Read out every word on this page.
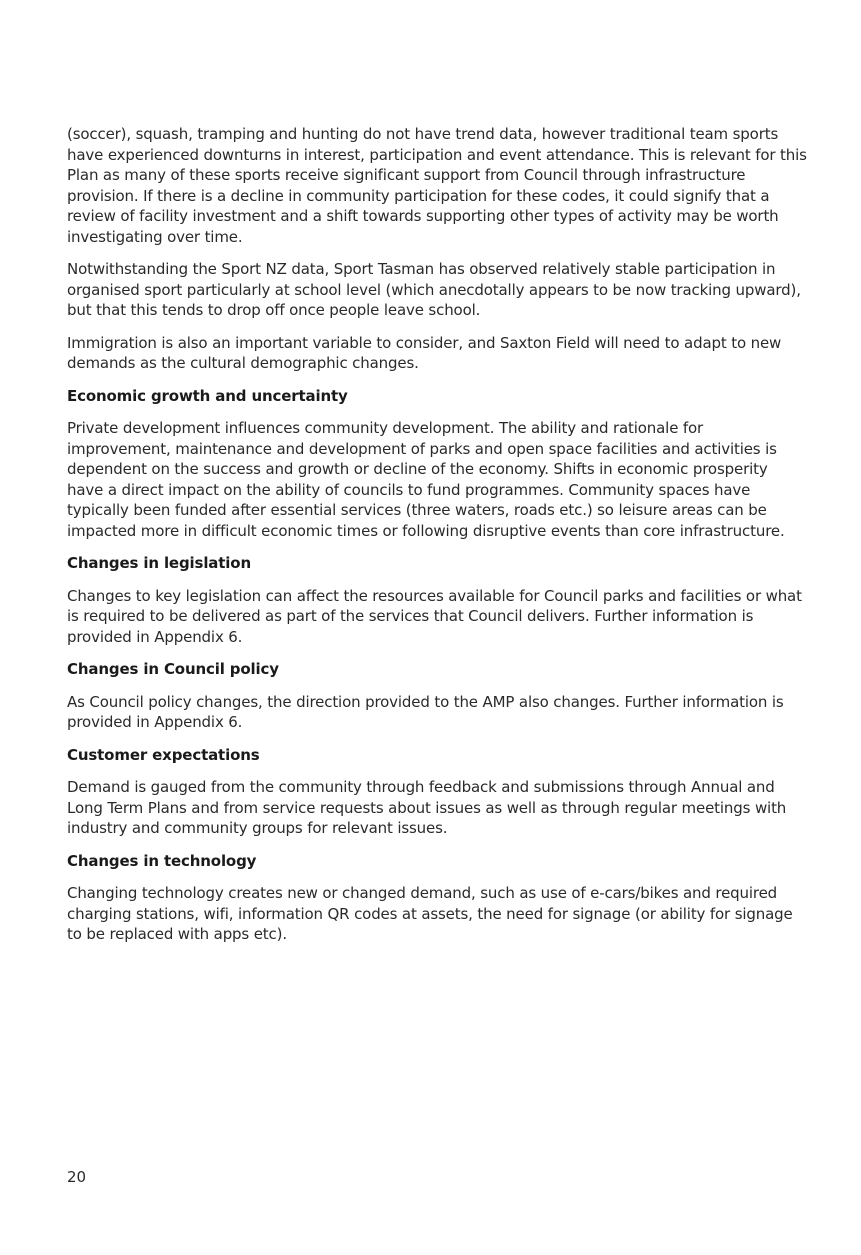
(soccer), squash, tramping and hunting do not have trend data, however traditional team sports have experienced downturns in interest, participation and event attendance. This is relevant for this Plan as many of these sports receive significant support from Council through infrastructure provision. If there is a decline in community participation for these codes, it could signify that a review of facility investment and a shift towards supporting other types of activity may be worth investigating over time.

Notwithstanding the Sport NZ data, Sport Tasman has observed relatively stable participation in organised sport particularly at school level (which anecdotally appears to be now tracking upward), but that this tends to drop off once people leave school.

Immigration is also an important variable to consider, and Saxton Field will need to adapt to new demands as the cultural demographic changes.

Economic growth and uncertainty

Private development influences community development. The ability and rationale for improvement, maintenance and development of parks and open space facilities and activities is dependent on the success and growth or decline of the economy. Shifts in economic prosperity have a direct impact on the ability of councils to fund programmes. Community spaces have typically been funded after essential services (three waters, roads etc.) so leisure areas can be impacted more in difficult economic times or following disruptive events than core infrastructure.

Changes in legislation

Changes to key legislation can affect the resources available for Council parks and facilities or what is required to be delivered as part of the services that Council delivers. Further information is provided in Appendix 6.

Changes in Council policy

As Council policy changes, the direction provided to the AMP also changes. Further information is provided in Appendix 6.

Customer expectations

Demand is gauged from the community through feedback and submissions through Annual and Long Term Plans and from service requests about issues as well as through regular meetings with industry and community groups for relevant issues.

Changes in technology

Changing technology creates new or changed demand, such as use of e-cars/bikes and required charging stations, wifi, information QR codes at assets, the need for signage (or ability for signage to be replaced with apps etc).

20
